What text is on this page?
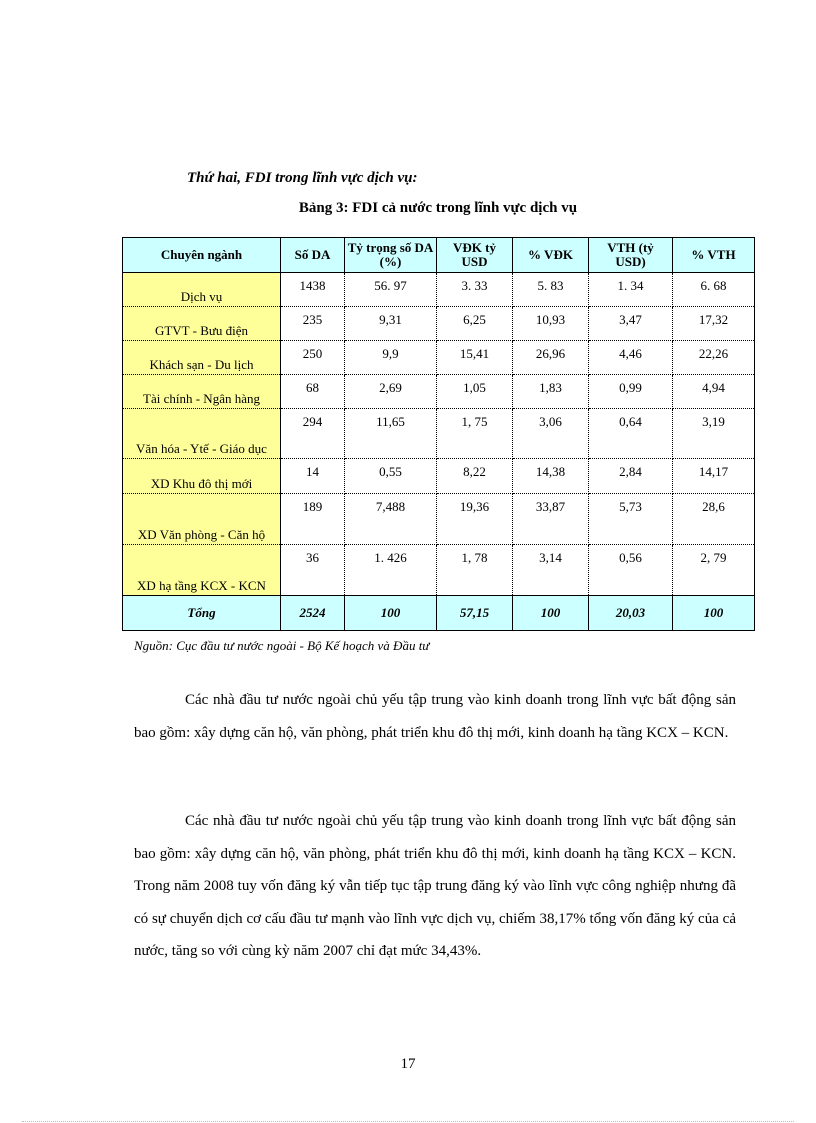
Thứ hai, FDI trong lĩnh vực dịch vụ:
Bảng 3: FDI cả nước trong lĩnh vực dịch vụ
Chuyên ngành	Số DA	Tỷ trọng số DA (%)	VĐK tỷ USD	% VĐK	VTH (tỷ USD)	% VTH
Dịch vụ	1438	56. 97	3. 33	5. 83	1. 34	6. 68
GTVT - Bưu điện	235	9,31	6,25	10,93	3,47	17,32
Khách sạn - Du lịch	250	9,9	15,41	26,96	4,46	22,26
Tài chính - Ngân hàng	68	2,69	1,05	1,83	0,99	4,94
Văn hóa - Ytế - Giáo dục	294	11,65	1, 75	3,06	0,64	3,19
XD Khu đô thị mới	14	0,55	8,22	14,38	2,84	14,17
XD Văn phòng - Căn hộ	189	7,488	19,36	33,87	5,73	28,6
XD hạ tầng KCX - KCN	36	1. 426	1, 78	3,14	0,56	2, 79
Tổng	2524	100	57,15	100	20,03	100
Nguồn: Cục đầu tư nước ngoài - Bộ Kế hoạch và Đầu tư

Các nhà đầu tư nước ngoài chủ yếu tập trung vào kinh doanh trong lĩnh vực bất động sản bao gồm: xây dựng căn hộ, văn phòng, phát triển khu đô thị mới, kinh doanh hạ tầng KCX – KCN.

Các nhà đầu tư nước ngoài chủ yếu tập trung vào kinh doanh trong lĩnh vực bất động sản bao gồm: xây dựng căn hộ, văn phòng, phát triển khu đô thị mới, kinh doanh hạ tầng KCX – KCN. Trong năm 2008 tuy vốn đăng ký vẫn tiếp tục tập trung đăng ký vào lĩnh vực công nghiệp nhưng đã có sự chuyển dịch cơ cấu đầu tư mạnh vào lĩnh vực dịch vụ, chiếm 38,17% tổng vốn đăng ký của cả nước, tăng so với cùng kỳ năm 2007 chỉ đạt mức 34,43%.

17
